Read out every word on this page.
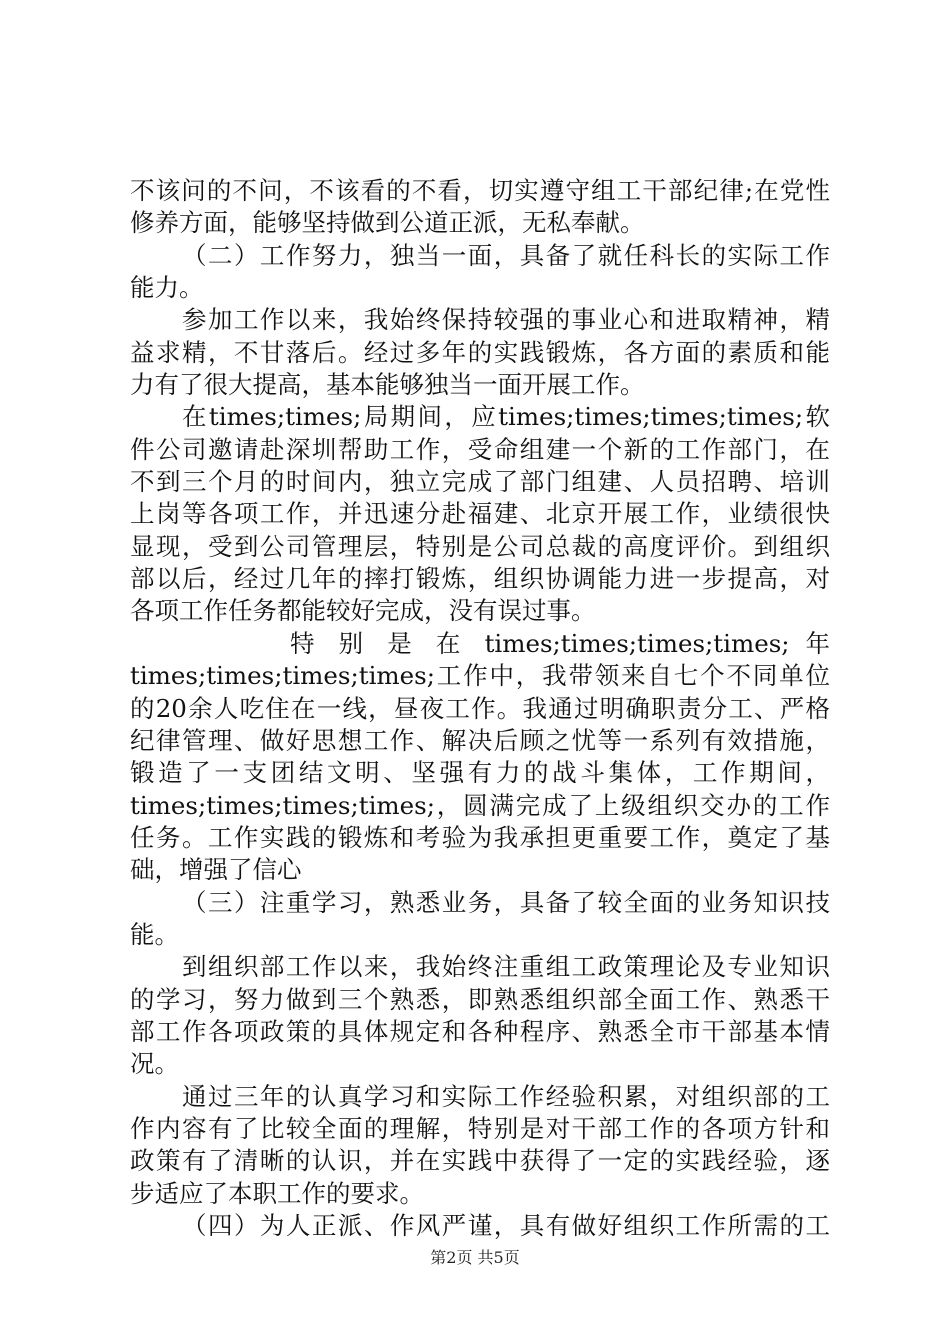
不该问的不问，不该看的不看，切实遵守组工干部纪律;在党性
修养方面，能够坚持做到公道正派，无私奉献。
（二）工作努力，独当一面，具备了就任科长的实际工作
能力。
参加工作以来，我始终保持较强的事业心和进取精神，精
益求精，不甘落后。经过多年的实践锻炼，各方面的素质和能
力有了很大提高，基本能够独当一面开展工作。
在times;times;局期间，应times;times;times;times;软
件公司邀请赴深圳帮助工作，受命组建一个新的工作部门，在
不到三个月的时间内，独立完成了部门组建、人员招聘、培训
上岗等各项工作，并迅速分赴福建、北京开展工作，业绩很快
显现，受到公司管理层，特别是公司总裁的高度评价。到组织
部以后，经过几年的摔打锻炼，组织协调能力进一步提高，对
各项工作任务都能较好完成，没有误过事。
特 别 是 在 times;times;times;times; 年
times;times;times;times;工作中，我带领来自七个不同单位
的20余人吃住在一线，昼夜工作。我通过明确职责分工、严格
纪律管理、做好思想工作、解决后顾之忧等一系列有效措施，
锻造了一支团结文明、坚强有力的战斗集体，工作期间，
times;times;times;times;，圆满完成了上级组织交办的工作
任务。工作实践的锻炼和考验为我承担更重要工作，奠定了基
础，增强了信心
（三）注重学习，熟悉业务，具备了较全面的业务知识技
能。
到组织部工作以来，我始终注重组工政策理论及专业知识
的学习，努力做到三个熟悉，即熟悉组织部全面工作、熟悉干
部工作各项政策的具体规定和各种程序、熟悉全市干部基本情
况。
通过三年的认真学习和实际工作经验积累，对组织部的工
作内容有了比较全面的理解，特别是对干部工作的各项方针和
政策有了清晰的认识，并在实践中获得了一定的实践经验，逐
步适应了本职工作的要求。
（四）为人正派、作风严谨，具有做好组织工作所需的工
第2页 共5页
